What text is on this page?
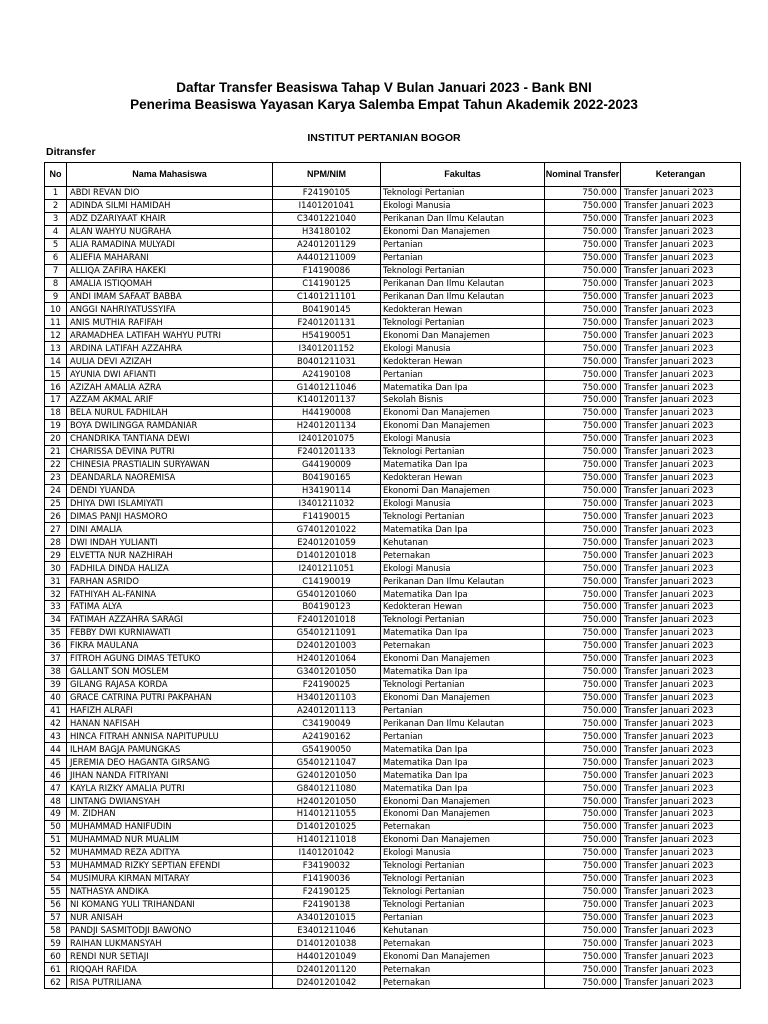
Daftar Transfer Beasiswa Tahap V Bulan Januari 2023 - Bank BNI
Penerima Beasiswa Yayasan Karya Salemba Empat Tahun Akademik 2022-2023
INSTITUT PERTANIAN BOGOR
Ditransfer
No	Nama Mahasiswa	NPM/NIM	Fakultas	Nominal Transfer	Keterangan
1	ABDI REVAN DIO	F24190105	Teknologi Pertanian	750.000	Transfer Januari 2023
2	ADINDA SILMI HAMIDAH	I1401201041	Ekologi Manusia	750.000	Transfer Januari 2023
3	ADZ DZARIYAAT KHAIR	C3401221040	Perikanan Dan Ilmu Kelautan	750.000	Transfer Januari 2023
4	ALAN WAHYU NUGRAHA	H34180102	Ekonomi Dan Manajemen	750.000	Transfer Januari 2023
5	ALIA RAMADINA MULYADI	A2401201129	Pertanian	750.000	Transfer Januari 2023
6	ALIEFIA MAHARANI	A4401211009	Pertanian	750.000	Transfer Januari 2023
7	ALLIQA ZAFIRA HAKEKI	F14190086	Teknologi Pertanian	750.000	Transfer Januari 2023
8	AMALIA ISTIQOMAH	C14190125	Perikanan Dan Ilmu Kelautan	750.000	Transfer Januari 2023
9	ANDI IMAM SAFAAT BABBA	C1401211101	Perikanan Dan Ilmu Kelautan	750.000	Transfer Januari 2023
10	ANGGI NAHRIYATUSSYIFA	B04190145	Kedokteran Hewan	750.000	Transfer Januari 2023
11	ANIS MUTHIA RAFIFAH	F2401201131	Teknologi Pertanian	750.000	Transfer Januari 2023
12	ARAMADHEA LATIFAH WAHYU PUTRI	H54190051	Ekonomi Dan Manajemen	750.000	Transfer Januari 2023
13	ARDINA LATIFAH AZZAHRA	I3401201152	Ekologi Manusia	750.000	Transfer Januari 2023
14	AULIA DEVI AZIZAH	B0401211031	Kedokteran Hewan	750.000	Transfer Januari 2023
15	AYUNIA DWI AFIANTI	A24190108	Pertanian	750.000	Transfer Januari 2023
16	AZIZAH AMALIA AZRA	G1401211046	Matematika Dan Ipa	750.000	Transfer Januari 2023
17	AZZAM AKMAL ARIF	K1401201137	Sekolah Bisnis	750.000	Transfer Januari 2023
18	BELA NURUL FADHILAH	H44190008	Ekonomi Dan Manajemen	750.000	Transfer Januari 2023
19	BOYA DWILINGGA RAMDANIAR	H2401201134	Ekonomi Dan Manajemen	750.000	Transfer Januari 2023
20	CHANDRIKA TANTIANA DEWI	I2401201075	Ekologi Manusia	750.000	Transfer Januari 2023
21	CHARISSA DEVINA PUTRI	F2401201133	Teknologi Pertanian	750.000	Transfer Januari 2023
22	CHINESIA PRASTIALIN SURYAWAN	G44190009	Matematika Dan Ipa	750.000	Transfer Januari 2023
23	DEANDARLA NAOREMISA	B04190165	Kedokteran Hewan	750.000	Transfer Januari 2023
24	DENDI YUANDA	H34190114	Ekonomi Dan Manajemen	750.000	Transfer Januari 2023
25	DHIYA DWI ISLAMIYATI	I3401211032	Ekologi Manusia	750.000	Transfer Januari 2023
26	DIMAS PANJI HASMORO	F14190015	Teknologi Pertanian	750.000	Transfer Januari 2023
27	DINI AMALIA	G7401201022	Matematika Dan Ipa	750.000	Transfer Januari 2023
28	DWI INDAH YULIANTI	E2401201059	Kehutanan	750.000	Transfer Januari 2023
29	ELVETTA NUR NAZHIRAH	D1401201018	Peternakan	750.000	Transfer Januari 2023
30	FADHILA DINDA HALIZA	I2401211051	Ekologi Manusia	750.000	Transfer Januari 2023
31	FARHAN ASRIDO	C14190019	Perikanan Dan Ilmu Kelautan	750.000	Transfer Januari 2023
32	FATHIYAH AL-FANINA	G5401201060	Matematika Dan Ipa	750.000	Transfer Januari 2023
33	FATIMA ALYA	B04190123	Kedokteran Hewan	750.000	Transfer Januari 2023
34	FATIMAH AZZAHRA SARAGI	F2401201018	Teknologi Pertanian	750.000	Transfer Januari 2023
35	FEBBY DWI KURNIAWATI	G5401211091	Matematika Dan Ipa	750.000	Transfer Januari 2023
36	FIKRA MAULANA	D2401201003	Peternakan	750.000	Transfer Januari 2023
37	FITROH AGUNG DIMAS TETUKO	H2401201064	Ekonomi Dan Manajemen	750.000	Transfer Januari 2023
38	GALLANT SON MOSLEM	G3401201050	Matematika Dan Ipa	750.000	Transfer Januari 2023
39	GILANG RAJASA KORDA	F24190025	Teknologi Pertanian	750.000	Transfer Januari 2023
40	GRACE CATRINA PUTRI PAKPAHAN	H3401201103	Ekonomi Dan Manajemen	750.000	Transfer Januari 2023
41	HAFIZH ALRAFI	A2401201113	Pertanian	750.000	Transfer Januari 2023
42	HANAN NAFISAH	C34190049	Perikanan Dan Ilmu Kelautan	750.000	Transfer Januari 2023
43	HINCA FITRAH ANNISA NAPITUPULU	A24190162	Pertanian	750.000	Transfer Januari 2023
44	ILHAM BAGJA PAMUNGKAS	G54190050	Matematika Dan Ipa	750.000	Transfer Januari 2023
45	JEREMIA DEO HAGANTA GIRSANG	G5401211047	Matematika Dan Ipa	750.000	Transfer Januari 2023
46	JIHAN NANDA FITRIYANI	G2401201050	Matematika Dan Ipa	750.000	Transfer Januari 2023
47	KAYLA RIZKY AMALIA PUTRI	G8401211080	Matematika Dan Ipa	750.000	Transfer Januari 2023
48	LINTANG DWIANSYAH	H2401201050	Ekonomi Dan Manajemen	750.000	Transfer Januari 2023
49	M. ZIDHAN	H1401211055	Ekonomi Dan Manajemen	750.000	Transfer Januari 2023
50	MUHAMMAD HANIFUDIN	D1401201025	Peternakan	750.000	Transfer Januari 2023
51	MUHAMMAD NUR MUALIM	H1401211018	Ekonomi Dan Manajemen	750.000	Transfer Januari 2023
52	MUHAMMAD REZA ADITYA	I1401201042	Ekologi Manusia	750.000	Transfer Januari 2023
53	MUHAMMAD RIZKY SEPTIAN EFENDI	F34190032	Teknologi Pertanian	750.000	Transfer Januari 2023
54	MUSIMURA KIRMAN MITARAY	F14190036	Teknologi Pertanian	750.000	Transfer Januari 2023
55	NATHASYA ANDIKA	F24190125	Teknologi Pertanian	750.000	Transfer Januari 2023
56	NI KOMANG YULI TRIHANDANI	F24190138	Teknologi Pertanian	750.000	Transfer Januari 2023
57	NUR ANISAH	A3401201015	Pertanian	750.000	Transfer Januari 2023
58	PANDJI SASMITODJI BAWONO	E3401211046	Kehutanan	750.000	Transfer Januari 2023
59	RAIHAN LUKMANSYAH	D1401201038	Peternakan	750.000	Transfer Januari 2023
60	RENDI NUR SETIAJI	H4401201049	Ekonomi Dan Manajemen	750.000	Transfer Januari 2023
61	RIQQAH RAFIDA	D2401201120	Peternakan	750.000	Transfer Januari 2023
62	RISA PUTRILIANA	D2401201042	Peternakan	750.000	Transfer Januari 2023
